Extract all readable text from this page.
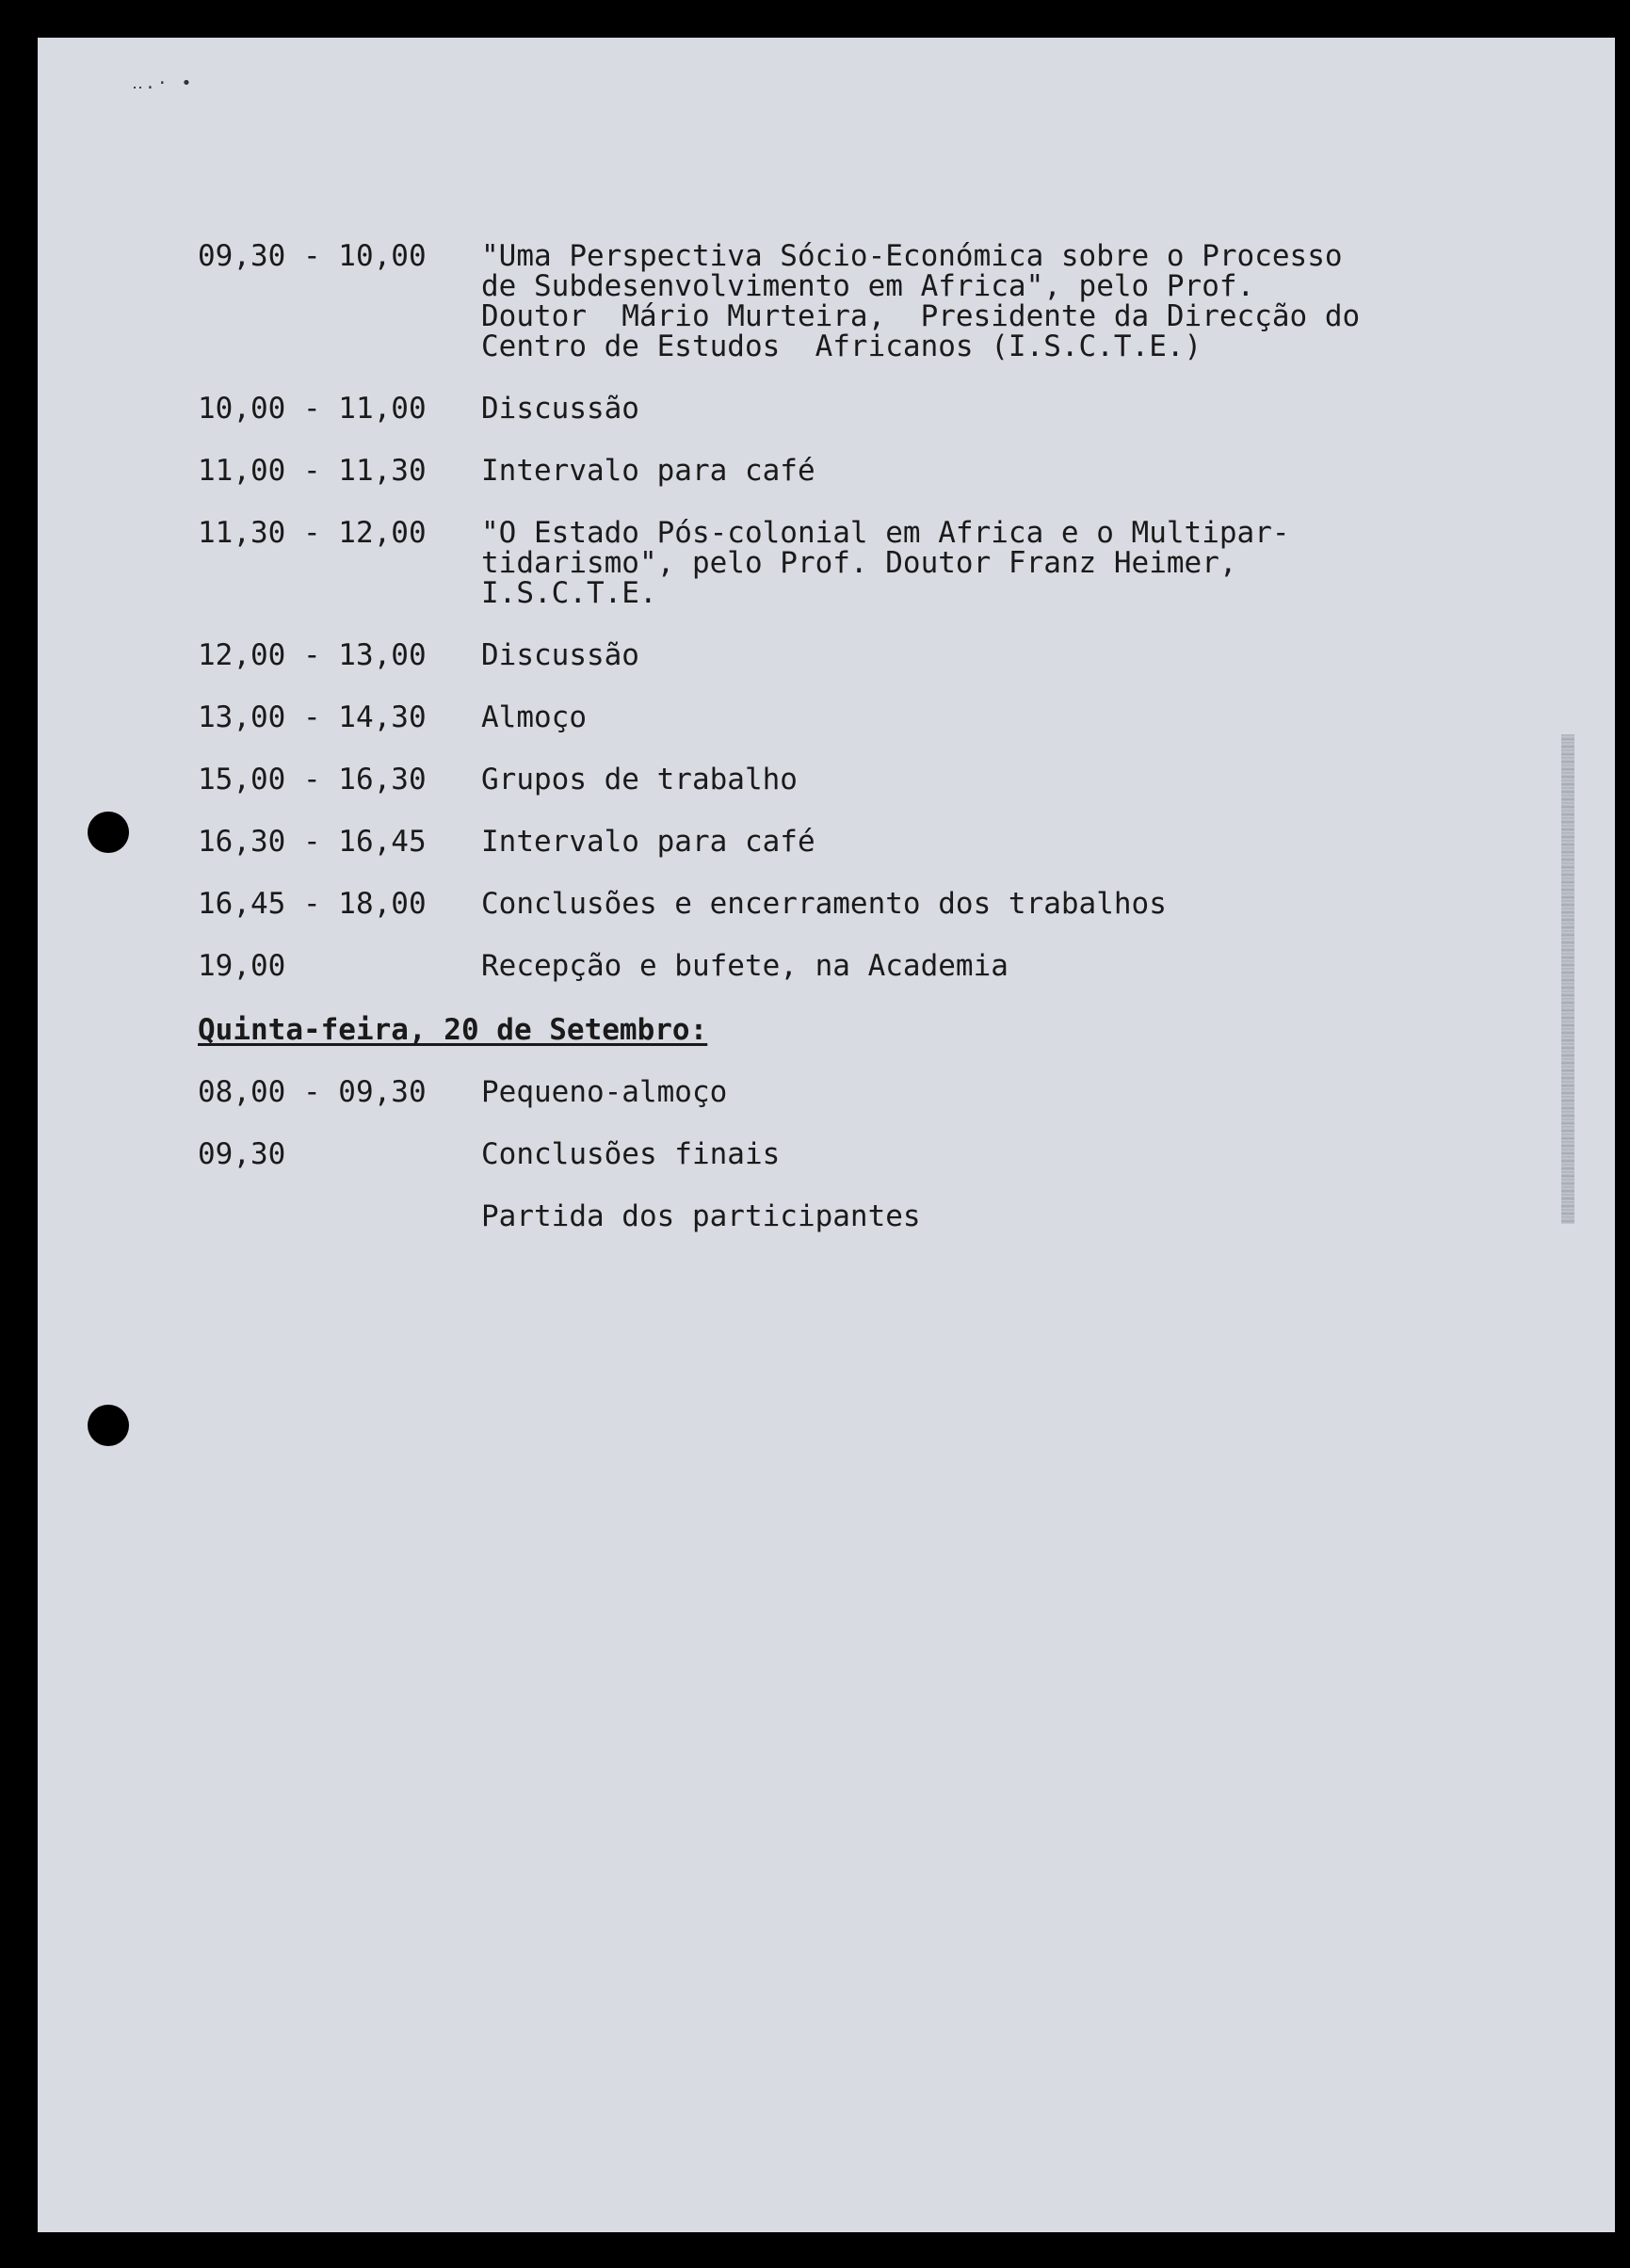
‥.· •
09,30 - 10,00	"Uma Perspectiva Sócio-Económica sobre o Processo
de Subdesenvolvimento em Africa", pelo Prof.
Doutor  Mário Murteira,  Presidente da Direcção do
Centro de Estudos  Africanos (I.S.C.T.E.)
10,00 - 11,00	Discussão
11,00 - 11,30	Intervalo para café
11,30 - 12,00	"O Estado Pós-colonial em Africa e o Multipar-
tidarismo", pelo Prof. Doutor Franz Heimer,
I.S.C.T.E.
12,00 - 13,00	Discussão
13,00 - 14,30	Almoço
15,00 - 16,30	Grupos de trabalho
16,30 - 16,45	Intervalo para café
16,45 - 18,00	Conclusões e encerramento dos trabalhos
19,00	Recepção e bufete, na Academia
Quinta-feira, 20 de Setembro:
08,00 - 09,30	Pequeno-almoço
09,30	Conclusões finais
Partida dos participantes
